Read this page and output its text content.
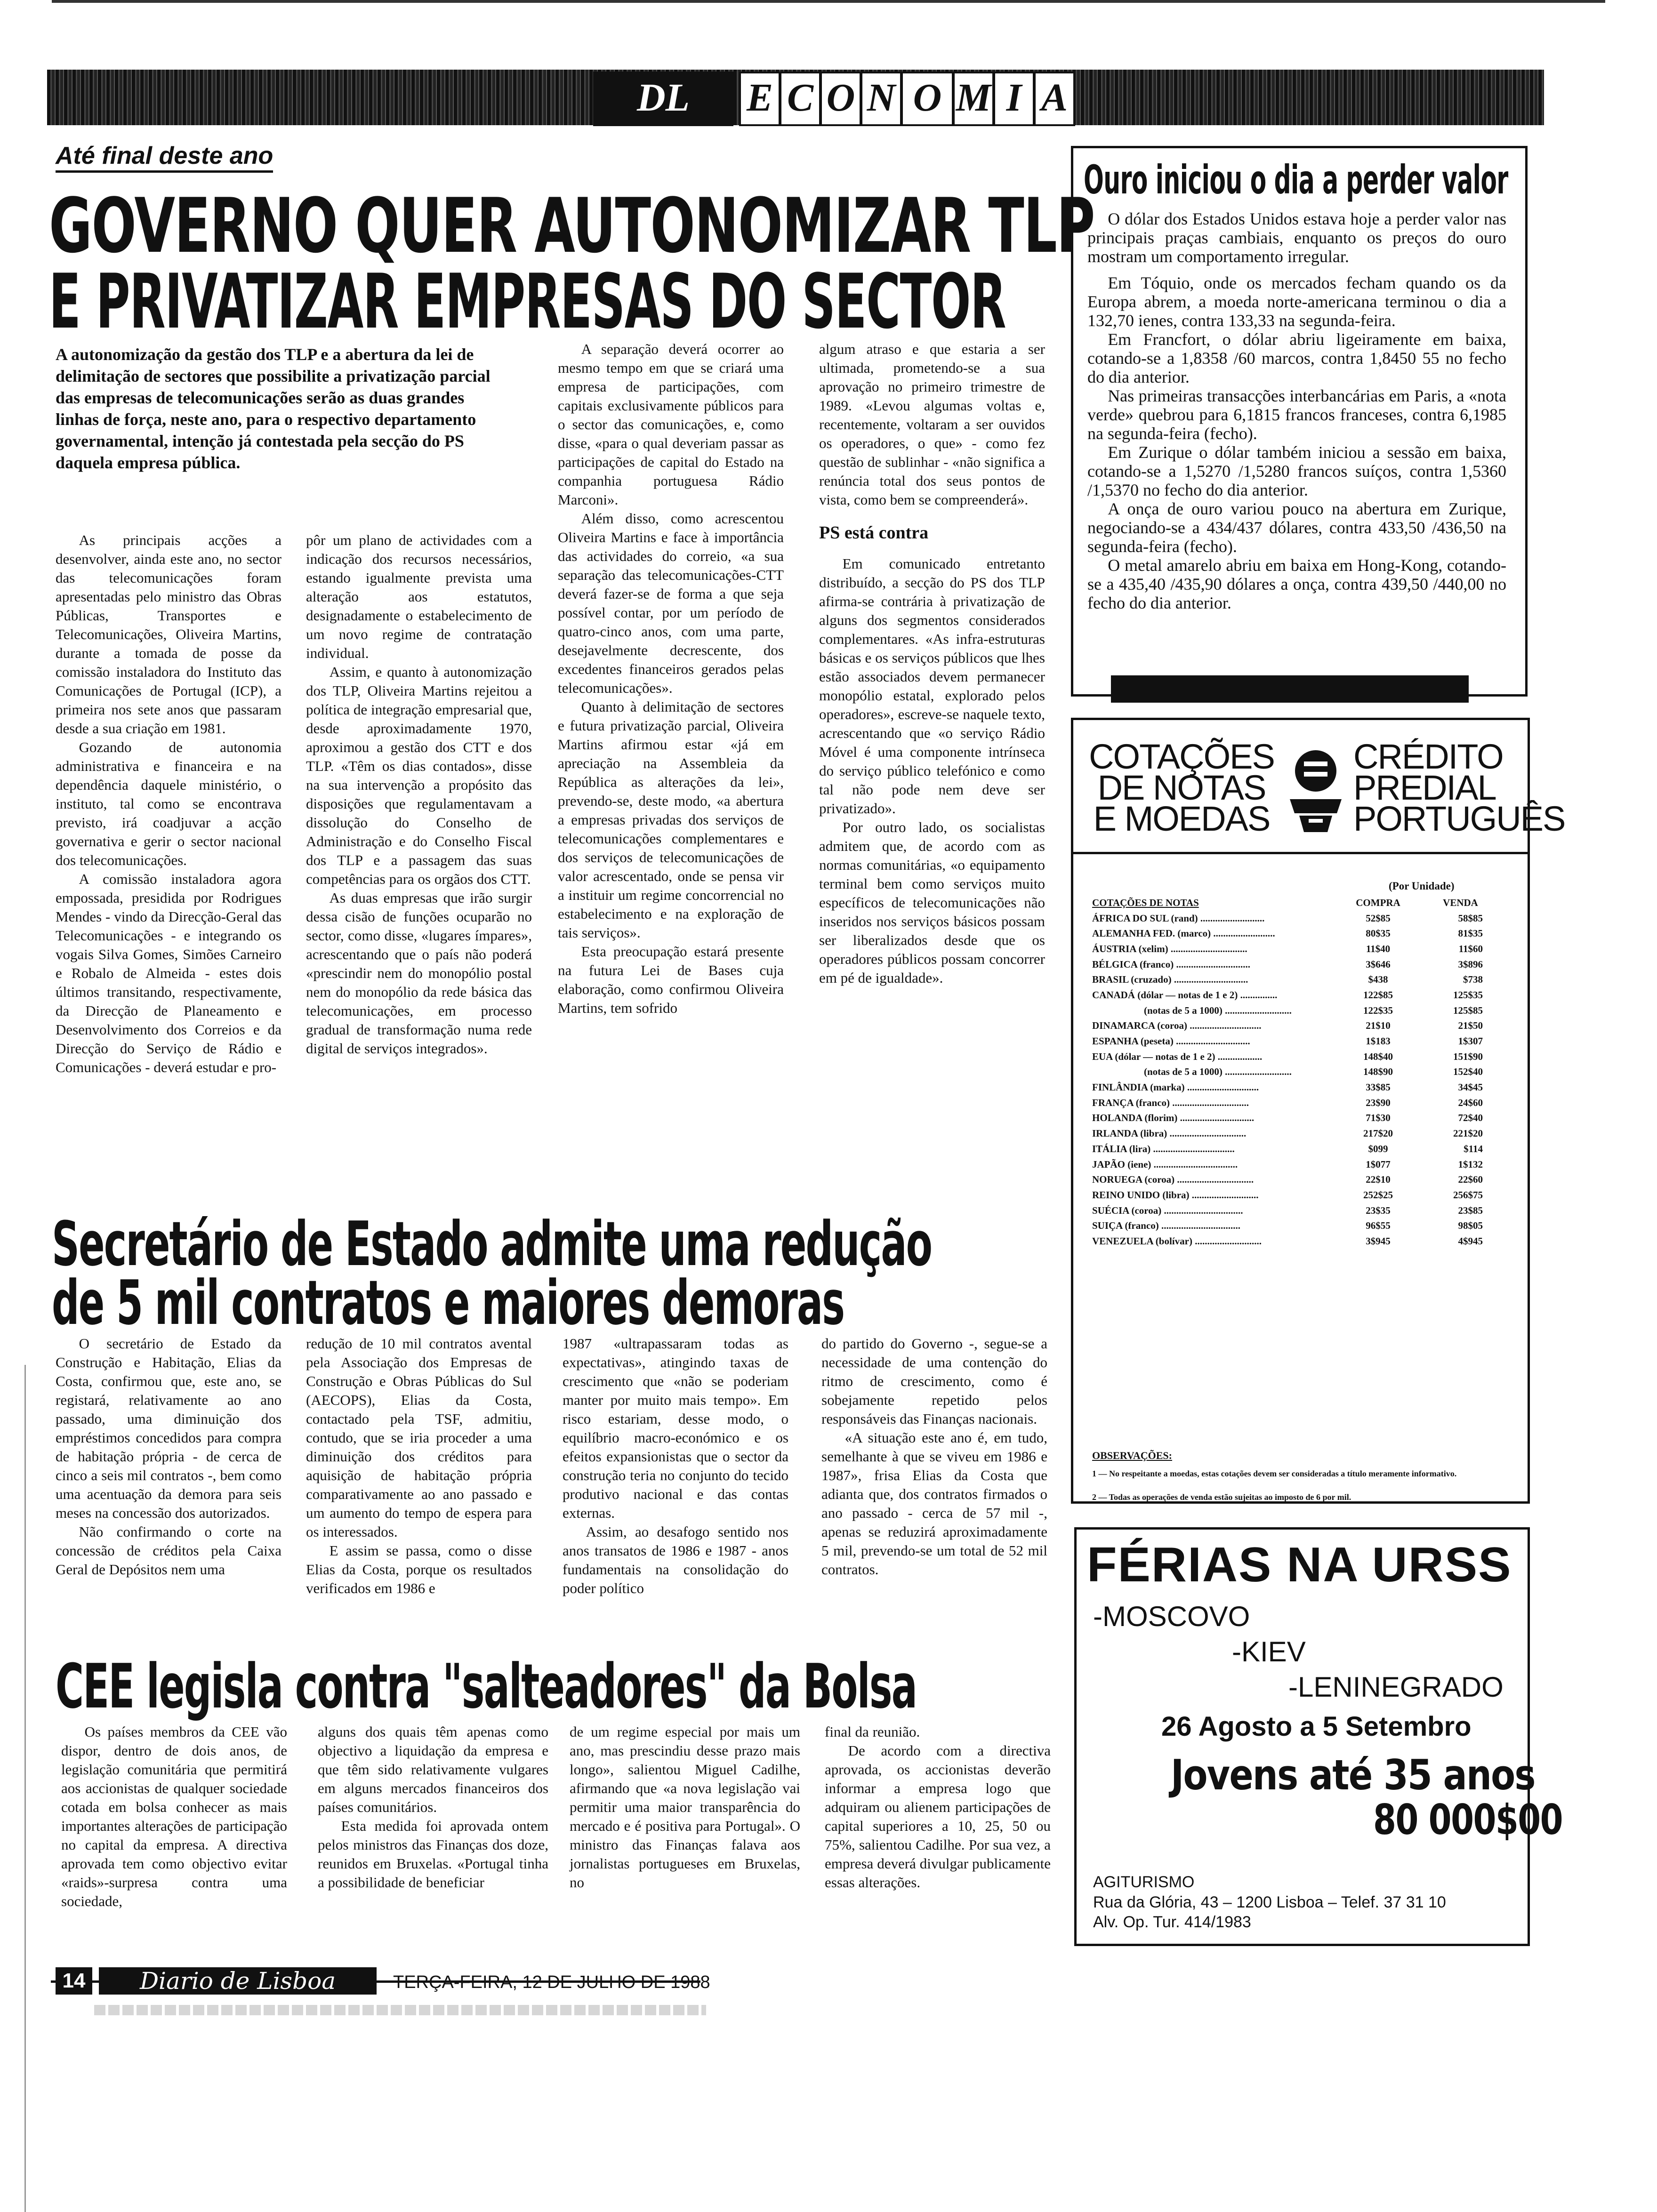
DL	E C O N O M I A
Até final deste ano
GOVERNO QUER AUTONOMIZAR TLP
E PRIVATIZAR EMPRESAS DO SECTOR
A autonomização da gestão dos TLP e a abertura da lei de delimitação de sectores que possibilite a privatização parcial das empresas de telecomunicações serão as duas grandes linhas de força, neste ano, para o respectivo departamento governamental, intenção já contestada pela secção do PS daquela empresa pública.

As principais acções a desenvolver, ainda este ano, no sector das telecomunicações foram apresentadas pelo ministro das Obras Públicas, Transportes e Telecomunicações, Oliveira Martins, durante a tomada de posse da comissão instaladora do Instituto das Comunicações de Portugal (ICP), a primeira nos sete anos que passaram desde a sua criação em 1981.

Gozando de autonomia administrativa e financeira e na dependência daquele ministério, o instituto, tal como se encontrava previsto, irá coadjuvar a acção governativa e gerir o sector nacional dos telecomunicações.

A comissão instaladora agora empossada, presidida por Rodrigues Mendes - vindo da Direcção-Geral das Telecomunicações - e integrando os vogais Silva Gomes, Simões Carneiro e Robalo de Almeida - estes dois últimos transitando, respectivamente, da Direcção de Planeamento e Desenvolvimento dos Correios e da Direcção do Serviço de Rádio e Comunicações - deverá estudar e pro-

pôr um plano de actividades com a indicação dos recursos necessários, estando igualmente prevista uma alteração aos estatutos, designadamente o estabelecimento de um novo regime de contratação individual.

Assim, e quanto à autonomização dos TLP, Oliveira Martins rejeitou a política de integração empresarial que, desde aproximadamente 1970, aproximou a gestão dos CTT e dos TLP. «Têm os dias contados», disse na sua intervenção a propósito das disposições que regulamentavam a dissolução do Conselho de Administração e do Conselho Fiscal dos TLP e a passagem das suas competências para os orgãos dos CTT.

As duas empresas que irão surgir dessa cisão de funções ocuparão no sector, como disse, «lugares ímpares», acrescentando que o país não poderá «prescindir nem do monopólio postal nem do monopólio da rede básica das telecomunicações, em processo gradual de transformação numa rede digital de serviços integrados».

A separação deverá ocorrer ao mesmo tempo em que se criará uma empresa de participações, com capitais exclusivamente públicos para o sector das comunicações, e, como disse, «para o qual deveriam passar as participações de capital do Estado na companhia portuguesa Rádio Marconi».

Além disso, como acrescentou Oliveira Martins e face à importância das actividades do correio, «a sua separação das telecomunicações-CTT deverá fazer-se de forma a que seja possível contar, por um período de quatro-cinco anos, com uma parte, desejavelmente decrescente, dos excedentes financeiros gerados pelas telecomunicações».

Quanto à delimitação de sectores e futura privatização parcial, Oliveira Martins afirmou estar «já em apreciação na Assembleia da República as alterações da lei», prevendo-se, deste modo, «a abertura a empresas privadas dos serviços de telecomunicações complementares e dos serviços de telecomunicações de valor acrescentado, onde se pensa vir a instituir um regime concorrencial no estabelecimento e na exploração de tais serviços».

Esta preocupação estará presente na futura Lei de Bases cuja elaboração, como confirmou Oliveira Martins, tem sofrido

algum atraso e que estaria a ser ultimada, prometendo-se a sua aprovação no primeiro trimestre de 1989. «Levou algumas voltas e, recentemente, voltaram a ser ouvidos os operadores, o que» - como fez questão de sublinhar - «não significa a renúncia total dos seus pontos de vista, como bem se compreenderá».

PS está contra

Em comunicado entretanto distribuído, a secção do PS dos TLP afirma-se contrária à privatização de alguns dos segmentos considerados complementares. «As infra-estruturas básicas e os serviços públicos que lhes estão associados devem permanecer monopólio estatal, explorado pelos operadores», escreve-se naquele texto, acrescentando que «o serviço Rádio Móvel é uma componente intrínseca do serviço público telefónico e como tal não pode nem deve ser privatizado».

Por outro lado, os socialistas admitem que, de acordo com as normas comunitárias, «o equipamento terminal bem como serviços muito específicos de telecomunicações não inseridos nos serviços básicos possam ser liberalizados desde que os operadores públicos possam concorrer em pé de igualdade».

Secretário de Estado admite uma redução
de 5 mil contratos e maiores demoras

O secretário de Estado da Construção e Habitação, Elias da Costa, confirmou que, este ano, se registará, relativamente ao ano passado, uma diminuição dos empréstimos concedidos para compra de habitação própria - de cerca de cinco a seis mil contratos -, bem como uma acentuação da demora para seis meses na concessão dos autorizados.

Não confirmando o corte na concessão de créditos pela Caixa Geral de Depósitos nem uma

redução de 10 mil contratos avental pela Associação dos Empresas de Construção e Obras Públicas do Sul (AECOPS), Elias da Costa, contactado pela TSF, admitiu, contudo, que se iria proceder a uma diminuição dos créditos para aquisição de habitação própria comparativamente ao ano passado e um aumento do tempo de espera para os interessados.

E assim se passa, como o disse Elias da Costa, porque os resultados verificados em 1986 e

1987 «ultrapassaram todas as expectativas», atingindo taxas de crescimento que «não se poderiam manter por muito mais tempo». Em risco estariam, desse modo, o equilíbrio macro-económico e os efeitos expansionistas que o sector da construção teria no conjunto do tecido produtivo nacional e das contas externas.

Assim, ao desafogo sentido nos anos transatos de 1986 e 1987 - anos fundamentais na consolidação do poder político

do partido do Governo -, segue-se a necessidade de uma contenção do ritmo de crescimento, como é sobejamente repetido pelos responsáveis das Finanças nacionais.

«A situação este ano é, em tudo, semelhante à que se viveu em 1986 e 1987», frisa Elias da Costa que adianta que, dos contratos firmados o ano passado - cerca de 57 mil -, apenas se reduzirá aproximadamente 5 mil, prevendo-se um total de 52 mil contratos.

CEE legisla contra "salteadores" da Bolsa

Os países membros da CEE vão dispor, dentro de dois anos, de legislação comunitária que permitirá aos accionistas de qualquer sociedade cotada em bolsa conhecer as mais importantes alterações de participação no capital da empresa. A directiva aprovada tem como objectivo evitar «raids»-surpresa contra uma sociedade,

alguns dos quais têm apenas como objectivo a liquidação da empresa e que têm sido relativamente vulgares em alguns mercados financeiros dos países comunitários.

Esta medida foi aprovada ontem pelos ministros das Finanças dos doze, reunidos em Bruxelas. «Portugal tinha a possibilidade de beneficiar

de um regime especial por mais um ano, mas prescindiu desse prazo mais longo», salientou Miguel Cadilhe, afirmando que «a nova legislação vai permitir uma maior transparência do mercado e é positiva para Portugal». O ministro das Finanças falava aos jornalistas portugueses em Bruxelas, no

final da reunião.

De acordo com a directiva aprovada, os accionistas deverão informar a empresa logo que adquiram ou alienem participações de capital superiores a 10, 25, 50 ou 75%, salientou Cadilhe. Por sua vez, a empresa deverá divulgar publicamente essas alterações.

Ouro iniciou o dia a perder valor

O dólar dos Estados Unidos estava hoje a perder valor nas principais praças cambiais, enquanto os preços do ouro mostram um comportamento irregular.

Em Tóquio, onde os mercados fecham quando os da Europa abrem, a moeda norte-americana terminou o dia a 132,70 ienes, contra 133,33 na segunda-feira.

Em Francfort, o dólar abriu ligeiramente em baixa, cotando-se a 1,8358 /60 marcos, contra 1,8450 55 no fecho do dia anterior.

Nas primeiras transacções interbancárias em Paris, a «nota verde» quebrou para 6,1815 francos franceses, contra 6,1985 na segunda-feira (fecho).

Em Zurique o dólar também iniciou a sessão em baixa, cotando-se a 1,5270 /1,5280 francos suíços, contra 1,5360 /1,5370 no fecho do dia anterior.

A onça de ouro variou pouco na abertura em Zurique, negociando-se a 434/437 dólares, contra 433,50 /436,50 na segunda-feira (fecho).

O metal amarelo abriu em baixa em Hong-Kong, cotando-se a 435,40 /435,90 dólares a onça, contra 439,50 /440,00 no fecho do dia anterior.

COTAÇÕES
DE NOTAS
E MOEDAS
CRÉDITO
PREDIAL
PORTUGUÊS
(Por Unidade)
COTAÇÕES DE NOTAS	COMPRA	VENDA
ÁFRICA DO SUL (rand) ..........................	52$85	58$85
ALEMANHA FED. (marco) .........................	80$35	81$35
ÁUSTRIA (xelim) ...............................	11$40	11$60
BÉLGICA (franco) ..............................	3$646	3$896
BRASIL (cruzado) ..............................	$438	$738
CANADÁ (dólar — notas de 1 e 2) ...............	122$85	125$35
(notas de 5 a 1000) ...........................	122$35	125$85
DINAMARCA (coroa) .............................	21$10	21$50
ESPANHA (peseta) ..............................	1$183	1$307
EUA (dólar — notas de 1 e 2) ..................	148$40	151$90
(notas de 5 a 1000) ...........................	148$90	152$40
FINLÂNDIA (marka) .............................	33$85	34$45
FRANÇA (franco) ...............................	23$90	24$60
HOLANDA (florim) ..............................	71$30	72$40
IRLANDA (libra) ...............................	217$20	221$20
ITÁLIA (lira) .................................	$099	$114
JAPÃO (iene) ..................................	1$077	1$132
NORUEGA (coroa) ...............................	22$10	22$60
REINO UNIDO (libra) ...........................	252$25	256$75
SUÉCIA (coroa) ................................	23$35	23$85
SUIÇA (franco) ................................	96$55	98$05
VENEZUELA (bolívar) ...........................	3$945	4$945
OBSERVAÇÕES:
1 — No respeitante a moedas, estas cotações devem ser consideradas a título meramente informativo.
2 — Todas as operações de venda estão sujeitas ao imposto de 6 por mil.
FÉRIAS NA URSS
-MOSCOVO
-KIEV
-LENINEGRADO
26 Agosto a 5 Setembro
Jovens até 35 anos
80 000$00
AGITURISMO
Rua da Glória, 43 – 1200 Lisboa – Telef. 37 31 10
Alv. Op. Tur. 414/1983
14	Diario de Lisboa	TERÇA-FEIRA, 12 DE JULHO DE 1988
